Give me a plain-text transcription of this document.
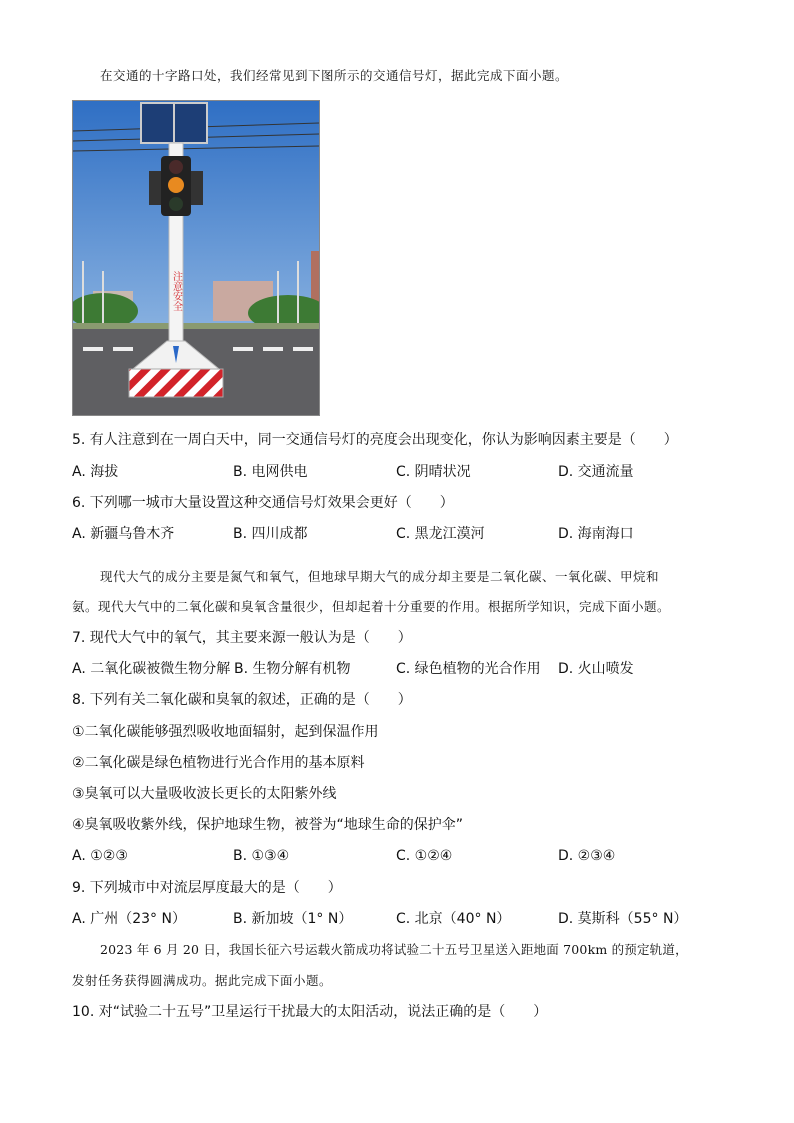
在交通的十字路口处，我们经常见到下图所示的交通信号灯，据此完成下面小题。
注意安全
5. 有人注意到在一周白天中，同一交通信号灯的亮度会出现变化，你认为影响因素主要是（　　）
A. 海拔	B. 电网供电	C. 阴晴状况	D. 交通流量
6. 下列哪一城市大量设置这种交通信号灯效果会更好（　　）
A. 新疆乌鲁木齐	B. 四川成都	C. 黑龙江漠河	D. 海南海口
现代大气的成分主要是氮气和氧气，但地球早期大气的成分却主要是二氧化碳、一氧化碳、甲烷和
氨。现代大气中的二氧化碳和臭氧含量很少，但却起着十分重要的作用。根据所学知识，完成下面小题。
7. 现代大气中的氧气，其主要来源一般认为是（　　）
A. 二氧化碳被微生物分解 B. 生物分解有机物	C. 绿色植物的光合作用 D. 火山喷发
8. 下列有关二氧化碳和臭氧的叙述，正确的是（　　）
①二氧化碳能够强烈吸收地面辐射，起到保温作用
②二氧化碳是绿色植物进行光合作用的基本原料
③臭氧可以大量吸收波长更长的太阳紫外线
④臭氧吸收紫外线，保护地球生物，被誉为“地球生命的保护伞”
A. ①②③	B. ①③④	C. ①②④	D. ②③④
9. 下列城市中对流层厚度最大的是（　　）
A. 广州（23° N）	B. 新加坡（1° N）	C. 北京（40° N）	D. 莫斯科（55° N）
2023 年 6 月 20 日，我国长征六号运载火箭成功将试验二十五号卫星送入距地面 700km 的预定轨道，
发射任务获得圆满成功。据此完成下面小题。
10. 对“试验二十五号”卫星运行干扰最大的太阳活动，说法正确的是（　　）
